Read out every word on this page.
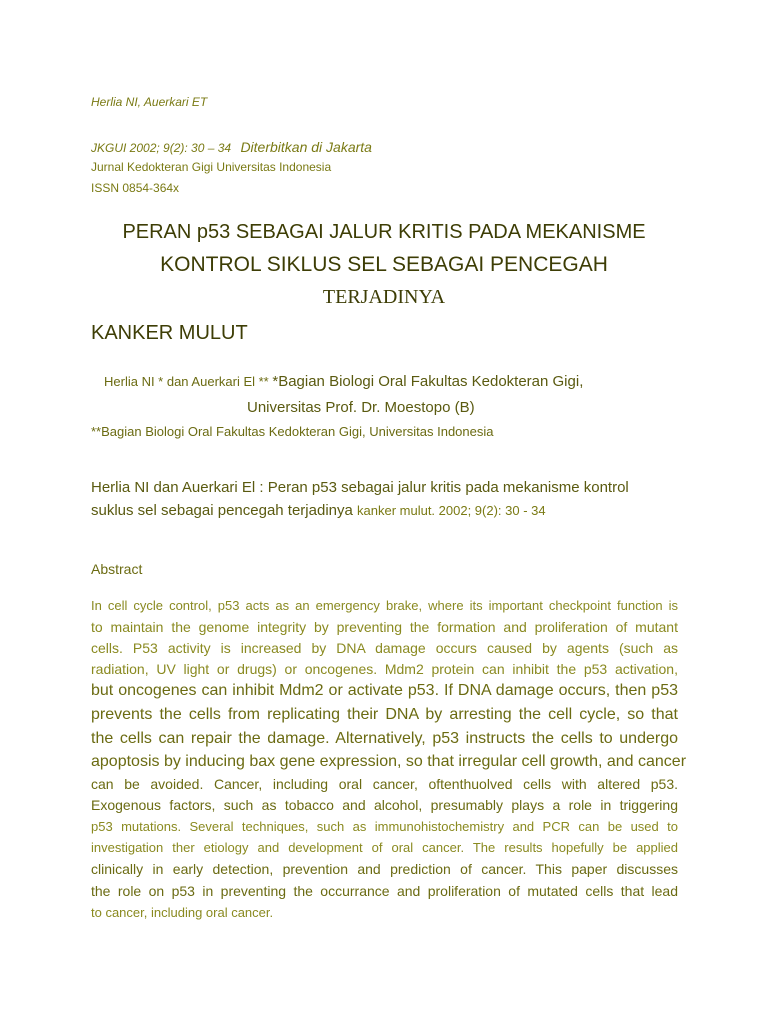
Herlia NI, Auerkari ET
JKGUI 2002; 9(2): 30 – 34 Diterbitkan di Jakarta
Jurnal Kedokteran Gigi Universitas Indonesia
ISSN 0854-364x
PERAN p53 SEBAGAI JALUR KRITIS PADA MEKANISME
KONTROL SIKLUS SEL SEBAGAI PENCEGAH
TERJADINYA
KANKER MULUT
Herlia NI * dan Auerkari El ** *Bagian Biologi Oral Fakultas Kedokteran Gigi,
Universitas Prof. Dr. Moestopo (B)
**Bagian Biologi Oral Fakultas Kedokteran Gigi, Universitas Indonesia
Herlia NI dan Auerkari El : Peran p53 sebagai jalur kritis pada mekanisme kontrol
suklus sel sebagai pencegah terjadinya kanker mulut. 2002; 9(2): 30 - 34
Abstract
In cell cycle control, p53 acts as an emergency brake, where its important checkpoint function is
to maintain the genome integrity by preventing the formation and proliferation of mutant
cells. P53 activity is increased by DNA damage occurs caused by agents (such as
radiation, UV light or drugs) or oncogenes. Mdm2 protein can inhibit the p53 activation,
but oncogenes can inhibit Mdm2 or activate p53. If DNA damage occurs, then p53
prevents the cells from replicating their DNA by arresting the cell cycle, so that
the cells can repair the damage. Alternatively, p53 instructs the cells to undergo
apoptosis by inducing bax gene expression, so that irregular cell growth, and cancer
can be avoided. Cancer, including oral cancer, oftenthuolved cells with altered p53.
Exogenous factors, such as tobacco and alcohol, presumably plays a role in triggering
p53 mutations. Several techniques, such as immunohistochemistry and PCR can be used to
investigation ther etiology and development of oral cancer. The results hopefully be applied
clinically in early detection, prevention and prediction of cancer. This paper discusses
the role on p53 in preventing the occurrance and proliferation of mutated cells that lead
to cancer, including oral cancer.
